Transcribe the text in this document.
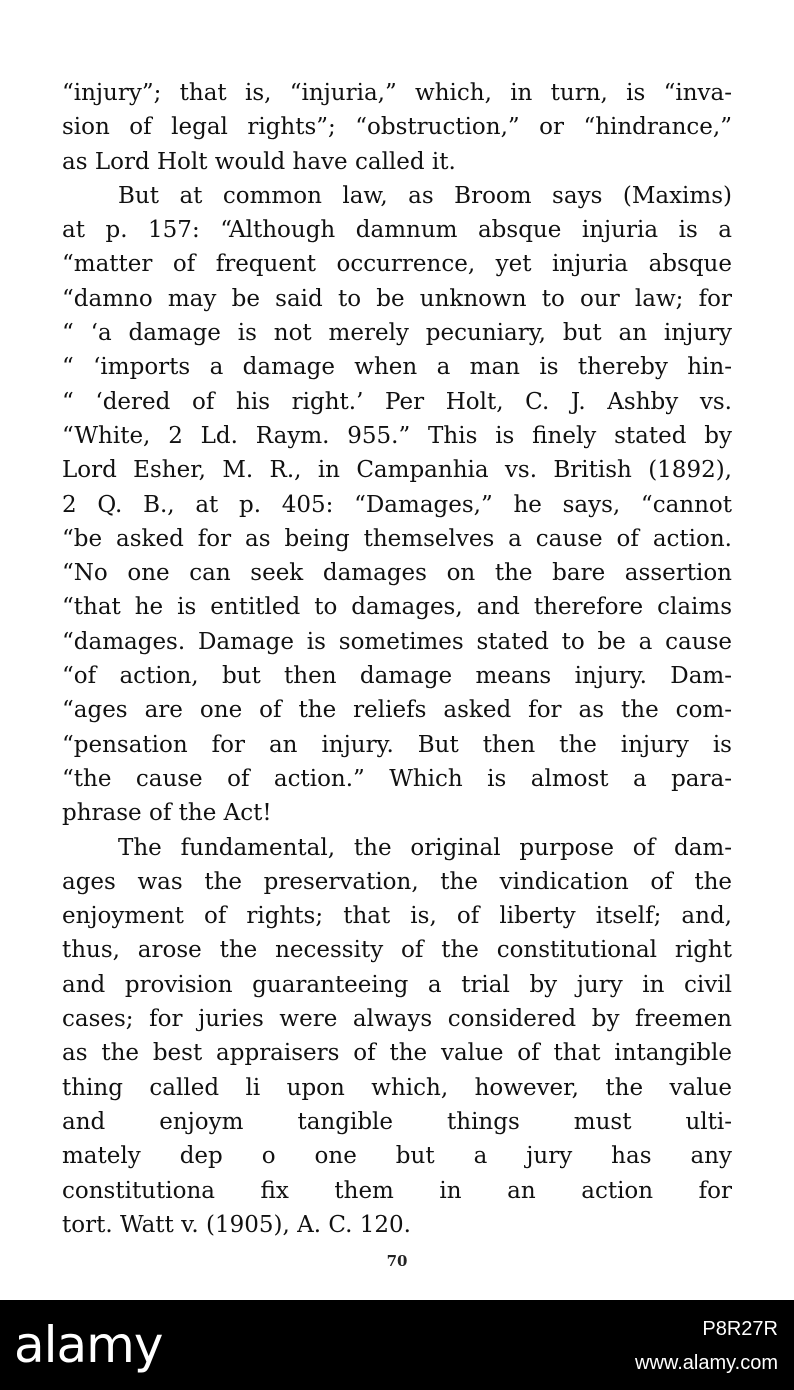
“injury”; that is, “injuria,” which, in turn, is “inva-
sion of legal rights”; “obstruction,” or “hindrance,”
as Lord Holt would have called it.
But at common law, as Broom says (Maxims)
at p. 157: “Although damnum absque injuria is a
“matter of frequent occurrence, yet injuria absque
“damno may be said to be unknown to our law; for
“ ‘a damage is not merely pecuniary, but an injury
“ ‘imports a damage when a man is thereby hin-
“ ‘dered of his right.’ Per Holt, C. J. Ashby vs.
“White, 2 Ld. Raym. 955.” This is finely stated by
Lord Esher, M. R., in Campanhia vs. British (1892),
2 Q. B., at p. 405: “Damages,” he says, “cannot
“be asked for as being themselves a cause of action.
“No one can seek damages on the bare assertion
“that he is entitled to damages, and therefore claims
“damages. Damage is sometimes stated to be a cause
“of action, but then damage means injury. Dam-
“ages are one of the reliefs asked for as the com-
“pensation for an injury. But then the injury is
“the cause of action.” Which is almost a para-
phrase of the Act!
The fundamental, the original purpose of dam-
ages was the preservation, the vindication of the
enjoyment of rights; that is, of liberty itself; and,
thus, arose the necessity of the constitutional right
and provision guaranteeing a trial by jury in civil
cases; for juries were always considered by freemen
as the best appraisers of the value of that intangible
thing called li upon which, however, the value
and enjoym tangible things must ulti-
mately dep o one but a jury has any
constitutiona fix them in an action for
tort. Watt v. (1905), A. C. 120.
70
alamy	P8R27R
www.alamy.com
